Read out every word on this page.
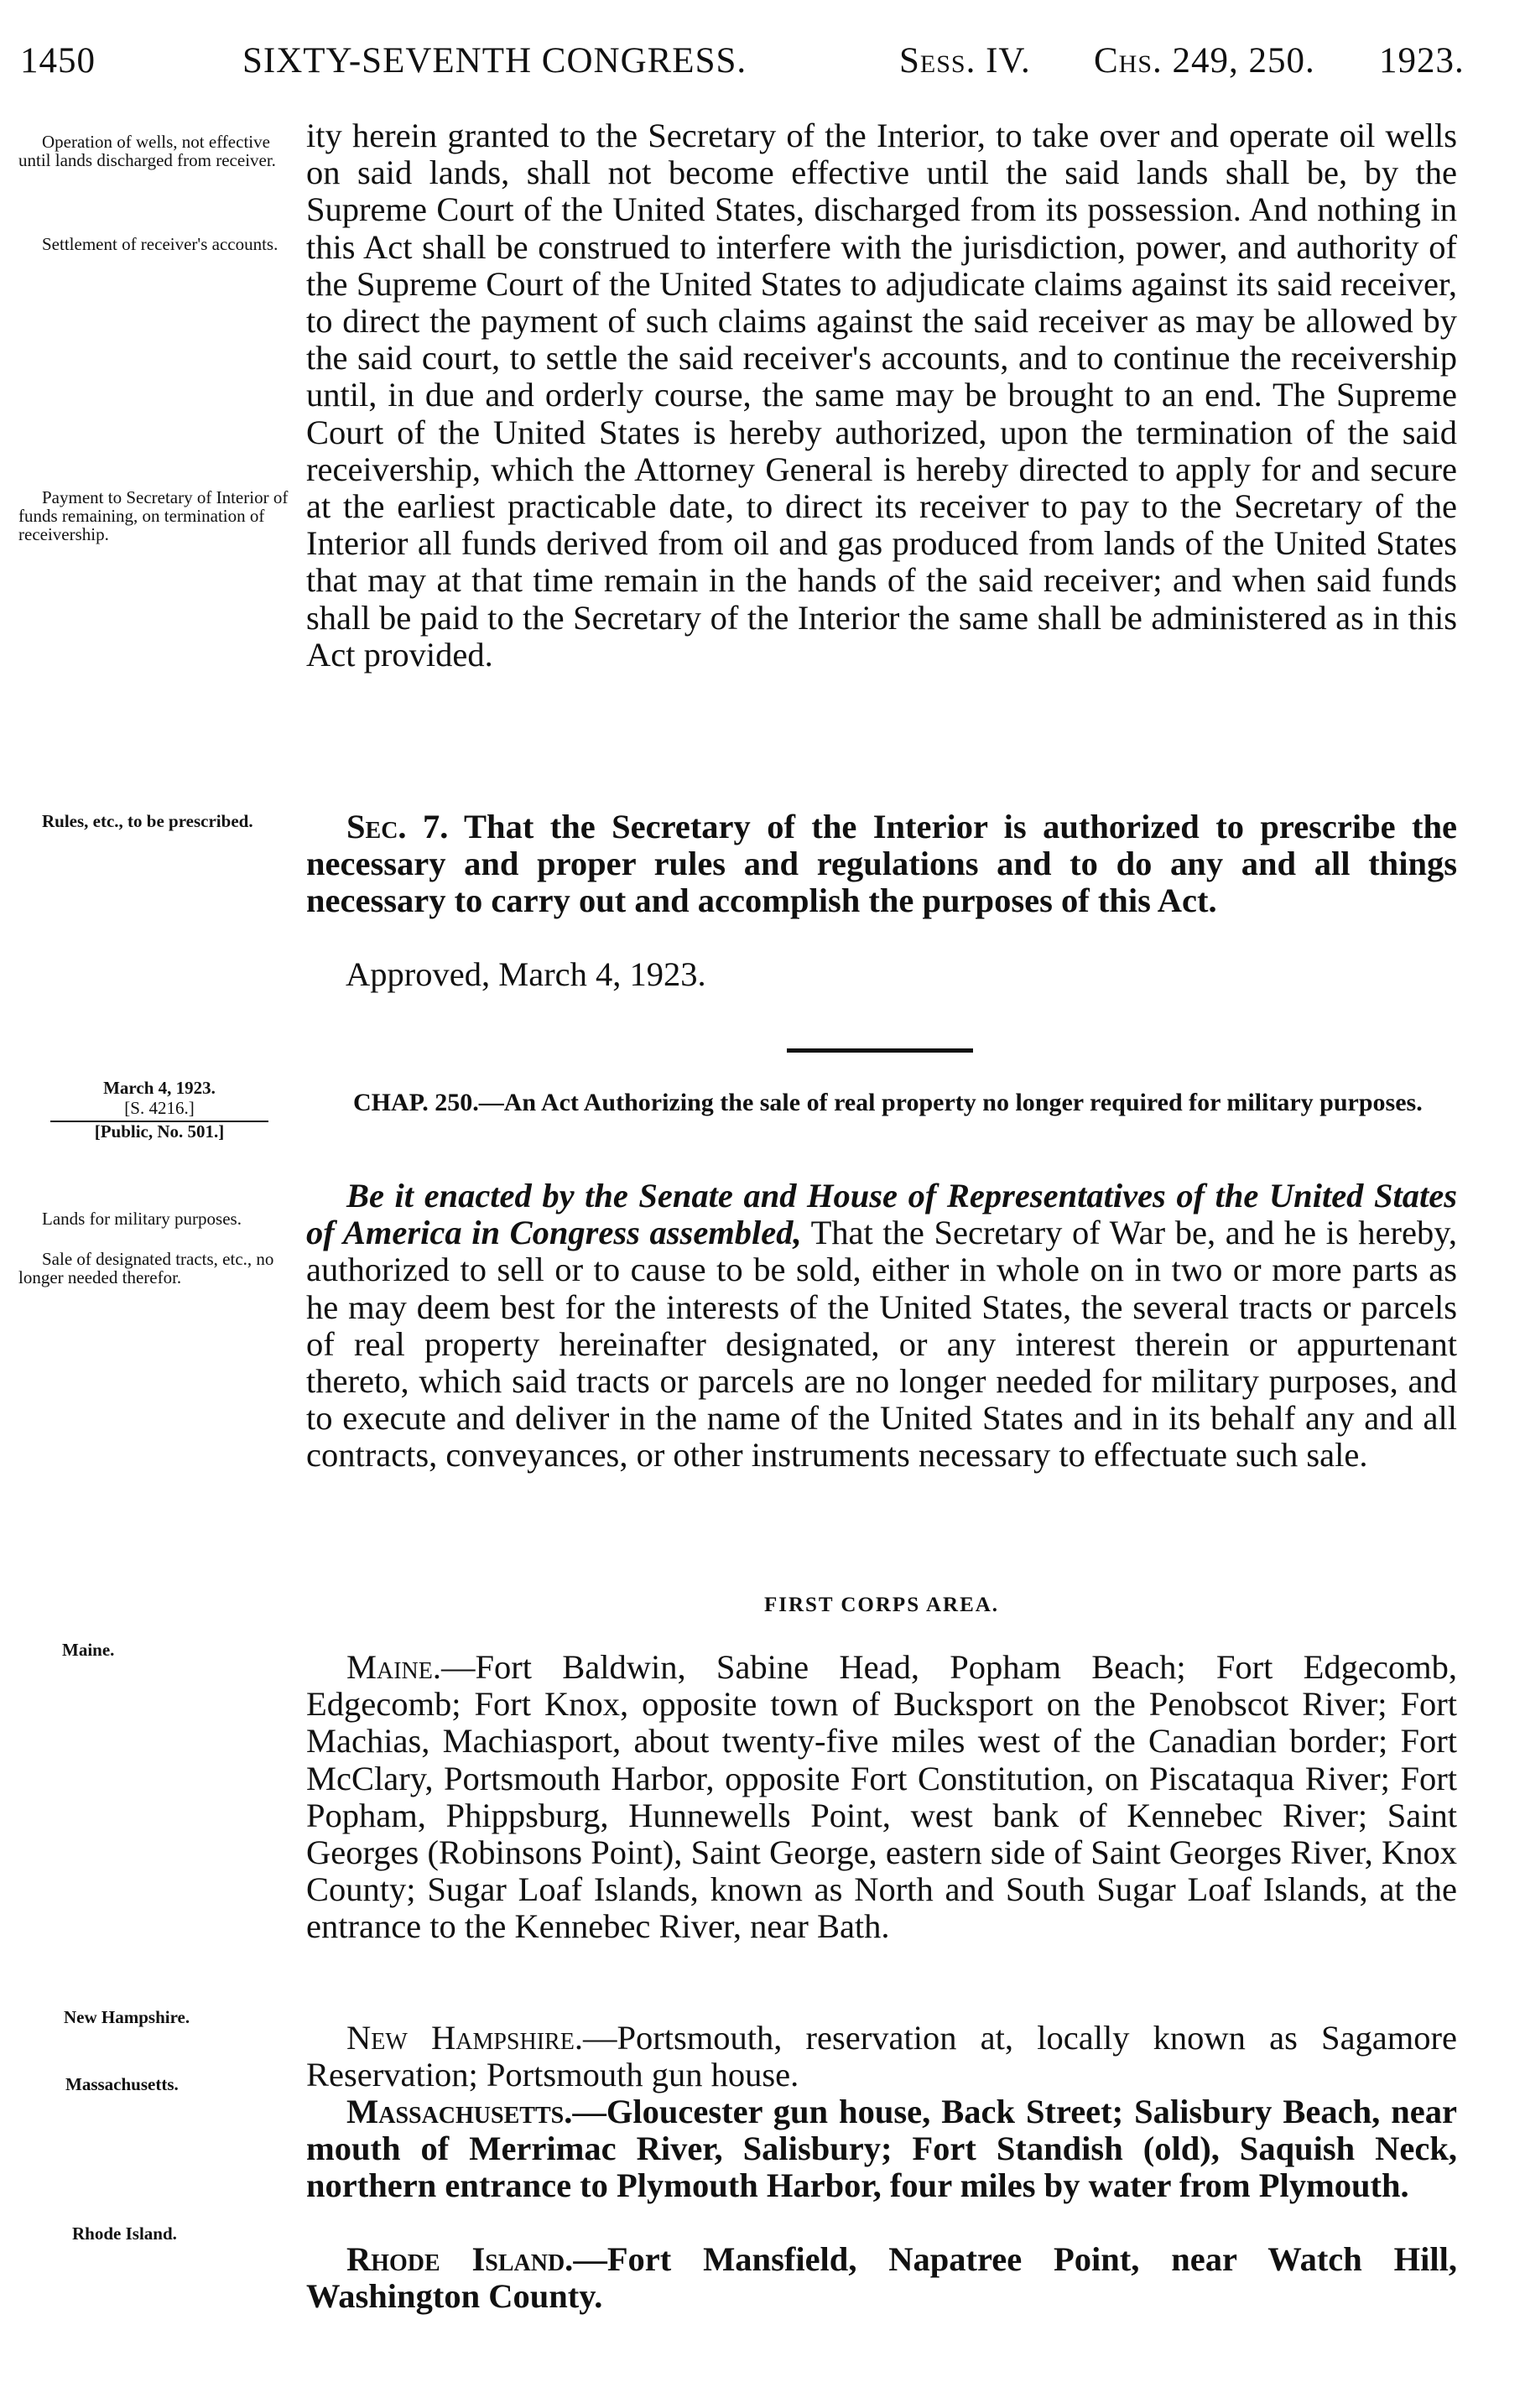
1450	SIXTY-SEVENTH CONGRESS.	Sess. IV. Chs. 249, 250. 1923.

Operation of wells, not effective until lands discharged from receiver.

Settlement of receiver's accounts.

Payment to Secretary of Interior of funds remaining, on termination of receivership.

Rules, etc., to be prescribed.

March 4, 1923.
[S. 4216.]
[Public, No. 501.]

Lands for military purposes.

Sale of designated tracts, etc., no longer needed therefor.

Maine.
New Hampshire.
Massachusetts.
Rhode Island.

ity herein granted to the Secretary of the Interior, to take over and operate oil wells on said lands, shall not become effective until the said lands shall be, by the Supreme Court of the United States, discharged from its possession. And nothing in this Act shall be construed to interfere with the jurisdiction, power, and authority of the Supreme Court of the United States to adjudicate claims against its said receiver, to direct the payment of such claims against the said receiver as may be allowed by the said court, to settle the said receiver's accounts, and to continue the receivership until, in due and orderly course, the same may be brought to an end. The Supreme Court of the United States is hereby authorized, upon the termination of the said receivership, which the Attorney General is hereby directed to apply for and secure at the earliest practicable date, to direct its receiver to pay to the Secretary of the Interior all funds derived from oil and gas produced from lands of the United States that may at that time remain in the hands of the said receiver; and when said funds shall be paid to the Secretary of the Interior the same shall be administered as in this Act provided.

Sec. 7. That the Secretary of the Interior is authorized to prescribe the necessary and proper rules and regulations and to do any and all things necessary to carry out and accomplish the purposes of this Act.

Approved, March 4, 1923.

CHAP. 250.—An Act Authorizing the sale of real property no longer required for military purposes.

Be it enacted by the Senate and House of Representatives of the United States of America in Congress assembled, That the Secretary of War be, and he is hereby, authorized to sell or to cause to be sold, either in whole on in two or more parts as he may deem best for the interests of the United States, the several tracts or parcels of real property hereinafter designated, or any interest therein or appurtenant thereto, which said tracts or parcels are no longer needed for military purposes, and to execute and deliver in the name of the United States and in its behalf any and all contracts, conveyances, or other instruments necessary to effectuate such sale.

FIRST CORPS AREA.

Maine.—Fort Baldwin, Sabine Head, Popham Beach; Fort Edgecomb, Edgecomb; Fort Knox, opposite town of Bucksport on the Penobscot River; Fort Machias, Machiasport, about twenty-five miles west of the Canadian border; Fort McClary, Portsmouth Harbor, opposite Fort Constitution, on Piscataqua River; Fort Popham, Phippsburg, Hunnewells Point, west bank of Kennebec River; Saint Georges (Robinsons Point), Saint George, eastern side of Saint Georges River, Knox County; Sugar Loaf Islands, known as North and South Sugar Loaf Islands, at the entrance to the Kennebec River, near Bath.

New Hampshire.—Portsmouth, reservation at, locally known as Sagamore Reservation; Portsmouth gun house.

Massachusetts.—Gloucester gun house, Back Street; Salisbury Beach, near mouth of Merrimac River, Salisbury; Fort Standish (old), Saquish Neck, northern entrance to Plymouth Harbor, four miles by water from Plymouth.

Rhode Island.—Fort Mansfield, Napatree Point, near Watch Hill, Washington County.
